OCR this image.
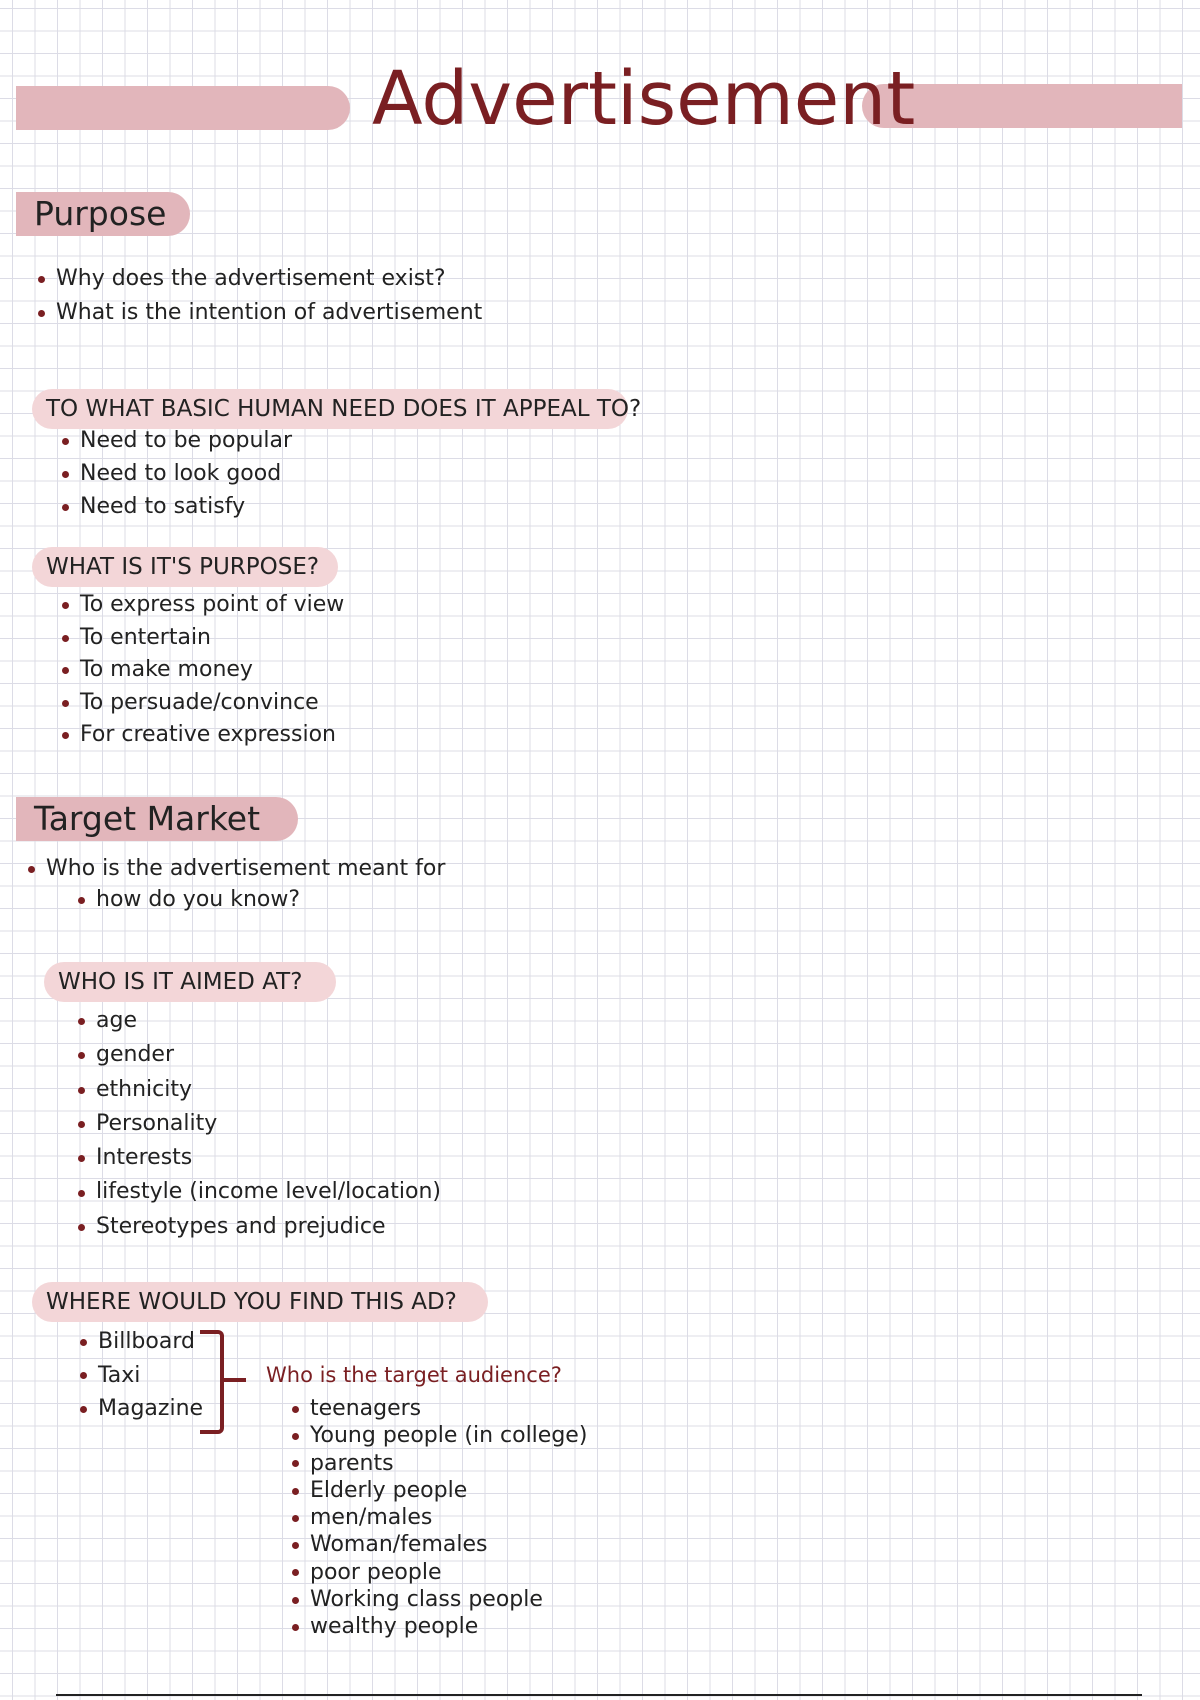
Advertisement
Purpose
Why does the advertisement exist?
What is the intention of advertisement
TO WHAT BASIC HUMAN NEED DOES IT APPEAL TO?
Need to be popular
Need to look good
Need to satisfy
WHAT IS IT'S PURPOSE?
To express point of view
To entertain
To make money
To persuade/convince
For creative expression
Target Market
Who is the advertisement meant for
how do you know?
WHO IS IT AIMED AT?
age
gender
ethnicity
Personality
Interests
lifestyle (income level/location)
Stereotypes and prejudice
WHERE WOULD YOU FIND THIS AD?
Billboard
Taxi
Magazine
Who is the target audience?
teenagers
Young people (in college)
parents
Elderly people
men/males
Woman/females
poor people
Working class people
wealthy people
